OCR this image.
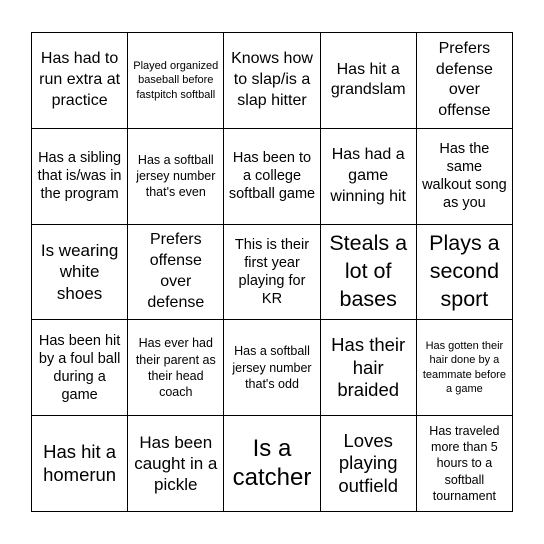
Has had to run extra at practice
Played organized baseball before fastpitch softball
Knows how to slap/is a slap hitter
Has hit a grandslam
Prefers defense over offense
Has a sibling that is/was in the program
Has a softball jersey number that's even
Has been to a college softball game
Has had a game winning hit
Has the same walkout song as you
Is wearing white shoes
Prefers offense over defense
This is their first year playing for KR
Steals a lot of bases
Plays a second sport
Has been hit by a foul ball during a game
Has ever had their parent as their head coach
Has a softball jersey number that's odd
Has their hair braided
Has gotten their hair done by a teammate before a game
Has hit a homerun
Has been caught in a pickle
Is a catcher
Loves playing outfield
Has traveled more than 5 hours to a softball tournament
